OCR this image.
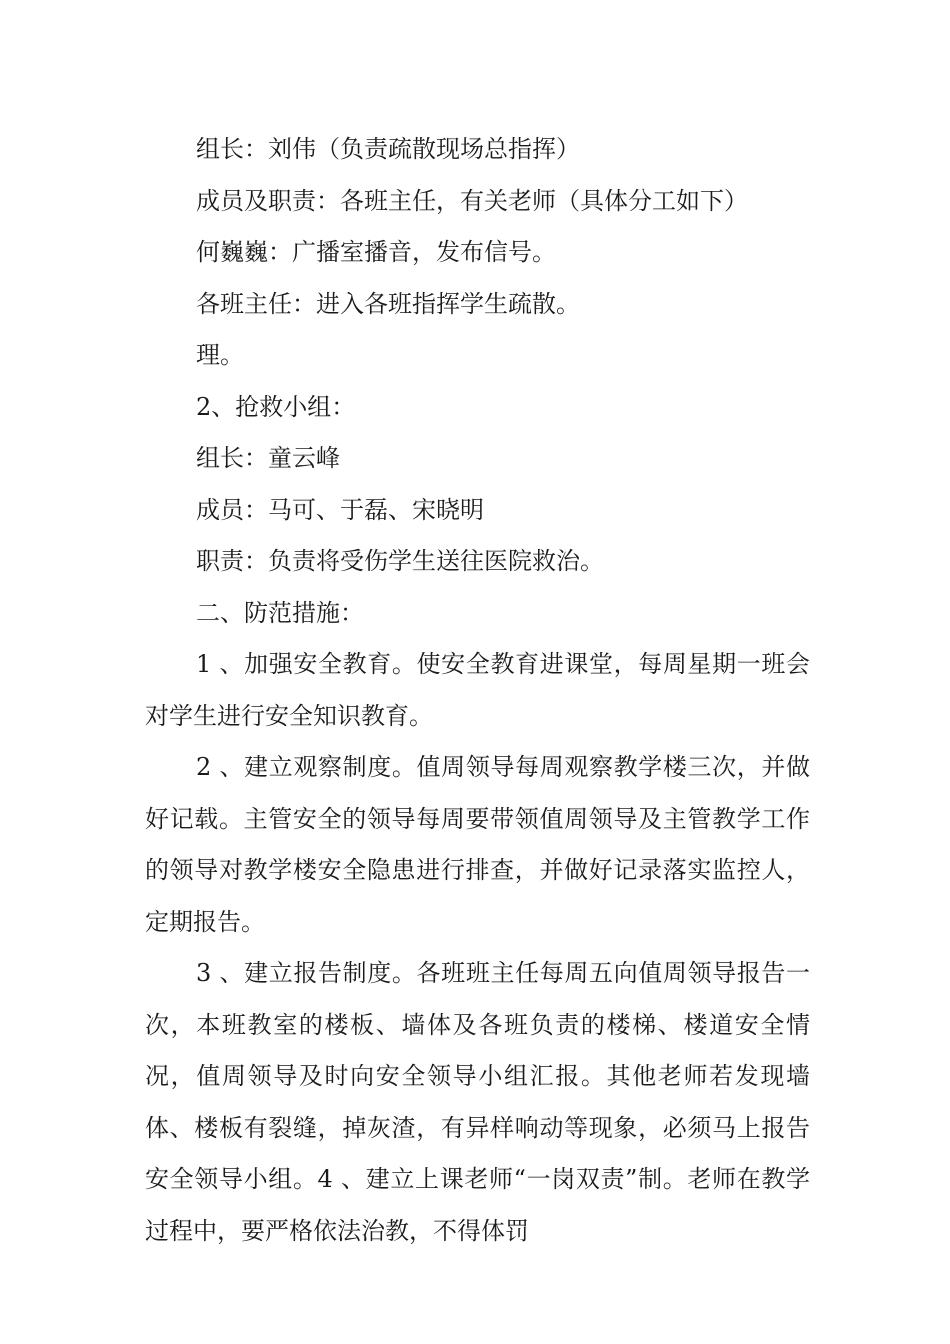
组长：刘伟（负责疏散现场总指挥）

成员及职责：各班主任，有关老师（具体分工如下）

何巍巍：广播室播音，发布信号。

各班主任：进入各班指挥学生疏散。

理。

2、抢救小组：

组长：童云峰

成员：马可、于磊、宋晓明

职责：负责将受伤学生送往医院救治。

二、防范措施：

1 、加强安全教育。使安全教育进课堂，每周星期一班会对学生进行安全知识教育。

2 、建立观察制度。值周领导每周观察教学楼三次，并做好记载。主管安全的领导每周要带领值周领导及主管教学工作的领导对教学楼安全隐患进行排查，并做好记录落实监控人，定期报告。

3 、建立报告制度。各班班主任每周五向值周领导报告一次，本班教室的楼板、墙体及各班负责的楼梯、楼道安全情况，值周领导及时向安全领导小组汇报。其他老师若发现墙体、楼板有裂缝，掉灰渣，有异样响动等现象，必须马上报告安全领导小组。4 、建立上课老师“一岗双责”制。老师在教学过程中，要严格依法治教，不得体罚
